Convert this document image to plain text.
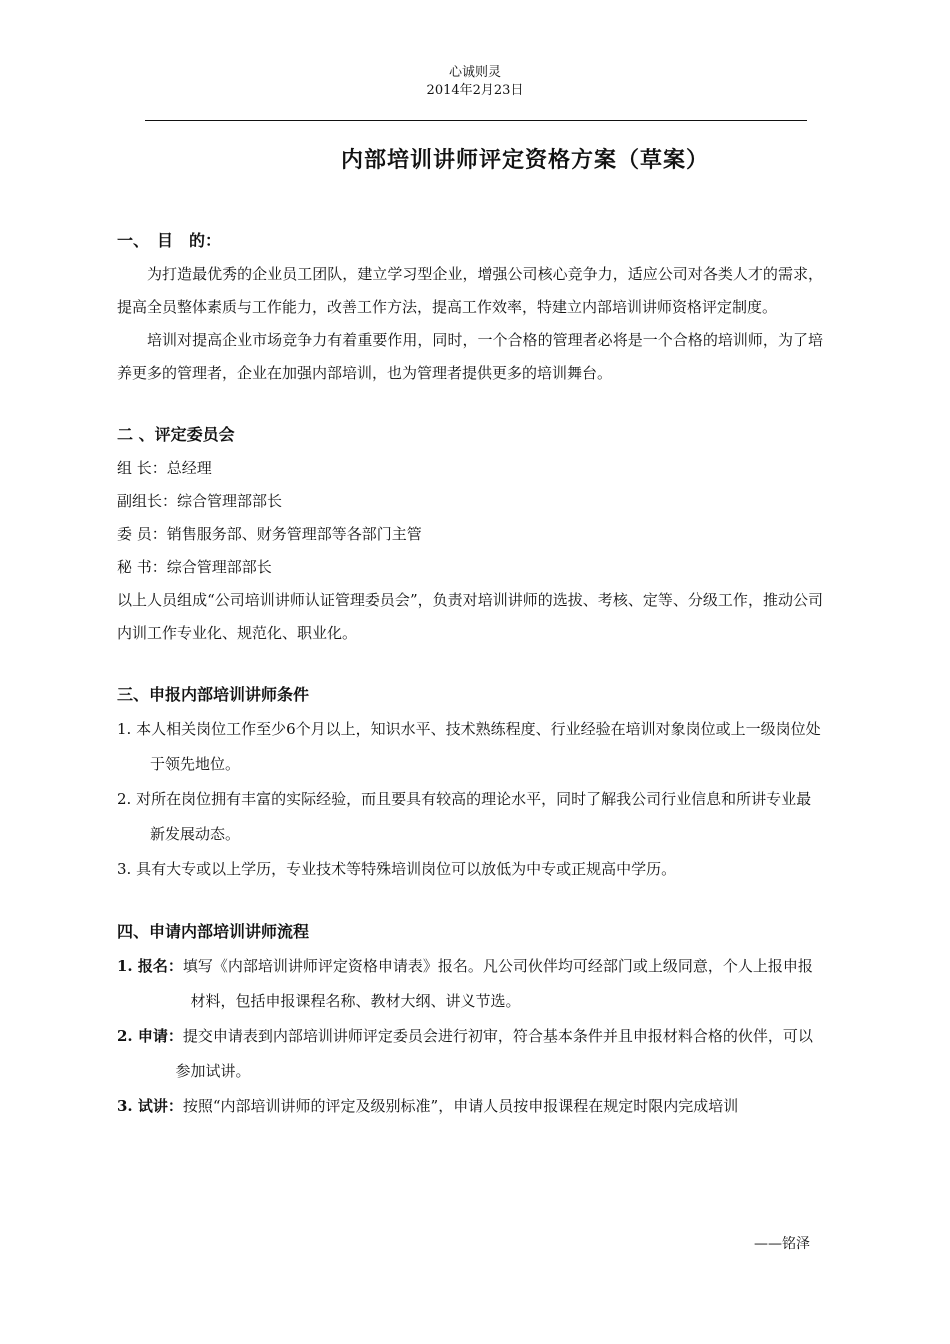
心诚则灵
2014年2月23日
内部培训讲师评定资格方案（草案）
一、　目　的：
为打造最优秀的企业员工团队，建立学习型企业，增强公司核心竞争力，适应公司对各类人才的需求，提高全员整体素质与工作能力，改善工作方法，提高工作效率，特建立内部培训讲师资格评定制度。
培训对提高企业市场竞争力有着重要作用，同时，一个合格的管理者必将是一个合格的培训师，为了培养更多的管理者，企业在加强内部培训，也为管理者提供更多的培训舞台。
二 、评定委员会
组 长：总经理
副组长：综合管理部部长
委 员：销售服务部、财务管理部等各部门主管
秘 书：综合管理部部长
以上人员组成“公司培训讲师认证管理委员会”，负责对培训讲师的选拔、考核、定等、分级工作，推动公司内训工作专业化、规范化、职业化。
三、申报内部培训讲师条件
1. 本人相关岗位工作至少6个月以上，知识水平、技术熟练程度、行业经验在培训对象岗位或上一级岗位处于领先地位。
2. 对所在岗位拥有丰富的实际经验，而且要具有较高的理论水平，同时了解我公司行业信息和所讲专业最新发展动态。
3. 具有大专或以上学历，专业技术等特殊培训岗位可以放低为中专或正规高中学历。
四、申请内部培训讲师流程
1. 报名：填写《内部培训讲师评定资格申请表》报名。凡公司伙伴均可经部门或上级同意，个人上报申报材料，包括申报课程名称、教材大纲、讲义节选。
2. 申请：提交申请表到内部培训讲师评定委员会进行初审，符合基本条件并且申报材料合格的伙伴，可以参加试讲。
3. 试讲：按照“内部培训讲师的评定及级别标准”，申请人员按申报课程在规定时限内完成培训
——铭泽
